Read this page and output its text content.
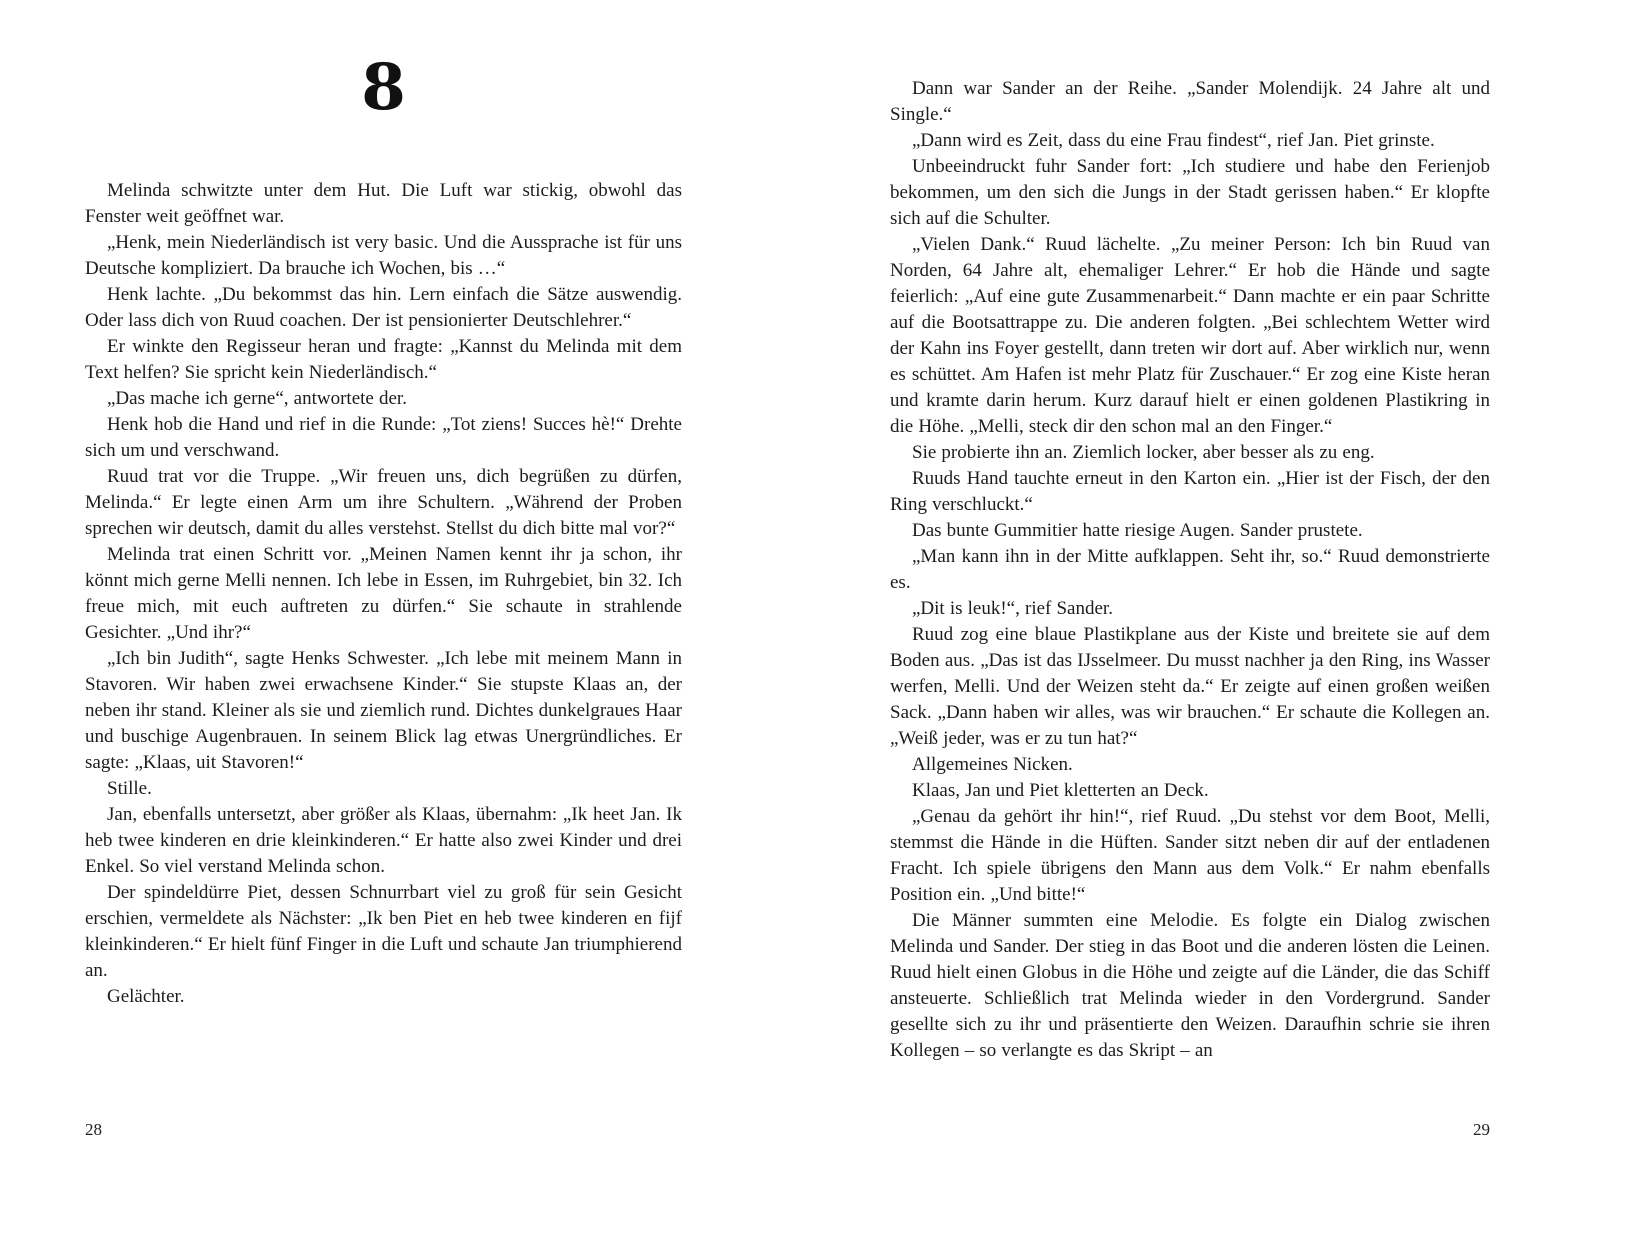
8

Melinda schwitzte unter dem Hut. Die Luft war stickig, obwohl das Fenster weit geöffnet war.

„Henk, mein Niederländisch ist very basic. Und die Aussprache ist für uns Deutsche kompliziert. Da brauche ich Wochen, bis …“

Henk lachte. „Du bekommst das hin. Lern einfach die Sätze auswendig. Oder lass dich von Ruud coachen. Der ist pensionierter Deutschlehrer.“

Er winkte den Regisseur heran und fragte: „Kannst du Melinda mit dem Text helfen? Sie spricht kein Niederländisch.“

„Das mache ich gerne“, antwortete der.

Henk hob die Hand und rief in die Runde: „Tot ziens! Succes hè!“ Drehte sich um und verschwand.

Ruud trat vor die Truppe. „Wir freuen uns, dich begrüßen zu dürfen, Melinda.“ Er legte einen Arm um ihre Schultern. „Während der Proben sprechen wir deutsch, damit du alles verstehst. Stellst du dich bitte mal vor?“

Melinda trat einen Schritt vor. „Meinen Namen kennt ihr ja schon, ihr könnt mich gerne Melli nennen. Ich lebe in Essen, im Ruhrgebiet, bin 32. Ich freue mich, mit euch auftreten zu dürfen.“ Sie schaute in strahlende Gesichter. „Und ihr?“

„Ich bin Judith“, sagte Henks Schwester. „Ich lebe mit meinem Mann in Stavoren. Wir haben zwei erwachsene Kinder.“ Sie stupste Klaas an, der neben ihr stand. Kleiner als sie und ziemlich rund. Dichtes dunkelgraues Haar und buschige Augenbrauen. In seinem Blick lag etwas Unergründliches. Er sagte: „Klaas, uit Stavoren!“

Stille.

Jan, ebenfalls untersetzt, aber größer als Klaas, übernahm: „Ik heet Jan. Ik heb twee kinderen en drie kleinkinderen.“ Er hatte also zwei Kinder und drei Enkel. So viel verstand Melinda schon.

Der spindeldürre Piet, dessen Schnurrbart viel zu groß für sein Gesicht erschien, vermeldete als Nächster: „Ik ben Piet en heb twee kinderen en fijf kleinkinderen.“ Er hielt fünf Finger in die Luft und schaute Jan triumphierend an.

Gelächter.

28

Dann war Sander an der Reihe. „Sander Molendijk. 24 Jahre alt und Single.“

„Dann wird es Zeit, dass du eine Frau findest“, rief Jan. Piet grinste.

Unbeeindruckt fuhr Sander fort: „Ich studiere und habe den Ferienjob bekommen, um den sich die Jungs in der Stadt gerissen haben.“ Er klopfte sich auf die Schulter.

„Vielen Dank.“ Ruud lächelte. „Zu meiner Person: Ich bin Ruud van Norden, 64 Jahre alt, ehemaliger Lehrer.“ Er hob die Hände und sagte feierlich: „Auf eine gute Zusammenarbeit.“ Dann machte er ein paar Schritte auf die Bootsattrappe zu. Die anderen folgten. „Bei schlechtem Wetter wird der Kahn ins Foyer gestellt, dann treten wir dort auf. Aber wirklich nur, wenn es schüttet. Am Hafen ist mehr Platz für Zuschauer.“ Er zog eine Kiste heran und kramte darin herum. Kurz darauf hielt er einen goldenen Plastikring in die Höhe. „Melli, steck dir den schon mal an den Finger.“

Sie probierte ihn an. Ziemlich locker, aber besser als zu eng.

Ruuds Hand tauchte erneut in den Karton ein. „Hier ist der Fisch, der den Ring verschluckt.“

Das bunte Gummitier hatte riesige Augen. Sander prustete.

„Man kann ihn in der Mitte aufklappen. Seht ihr, so.“ Ruud demonstrierte es.

„Dit is leuk!“, rief Sander.

Ruud zog eine blaue Plastikplane aus der Kiste und breitete sie auf dem Boden aus. „Das ist das IJsselmeer. Du musst nachher ja den Ring, ins Wasser werfen, Melli. Und der Weizen steht da.“ Er zeigte auf einen großen weißen Sack. „Dann haben wir alles, was wir brauchen.“ Er schaute die Kollegen an. „Weiß jeder, was er zu tun hat?“

Allgemeines Nicken.

Klaas, Jan und Piet kletterten an Deck.

„Genau da gehört ihr hin!“, rief Ruud. „Du stehst vor dem Boot, Melli, stemmst die Hände in die Hüften. Sander sitzt neben dir auf der entladenen Fracht. Ich spiele übrigens den Mann aus dem Volk.“ Er nahm ebenfalls Position ein. „Und bitte!“

Die Männer summten eine Melodie. Es folgte ein Dialog zwischen Melinda und Sander. Der stieg in das Boot und die anderen lösten die Leinen. Ruud hielt einen Globus in die Höhe und zeigte auf die Länder, die das Schiff ansteuerte. Schließlich trat Melinda wieder in den Vordergrund. Sander gesellte sich zu ihr und präsentierte den Weizen. Daraufhin schrie sie ihren Kollegen – so verlangte es das Skript – an

29
